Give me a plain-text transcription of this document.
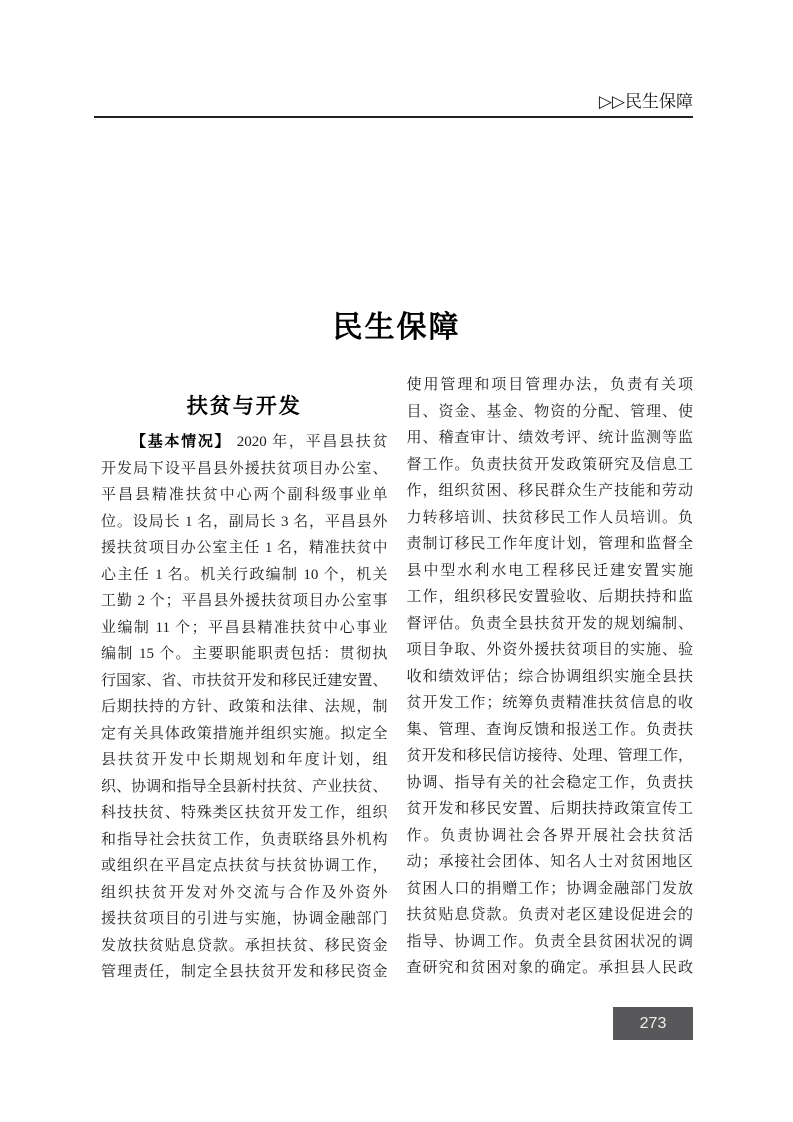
▷▷民生保障
民生保障
扶贫与开发
【基本情况】 2020 年，平昌县扶贫
开发局下设平昌县外援扶贫项目办公室、
平昌县精准扶贫中心两个副科级事业单
位。设局长 1 名，副局长 3 名，平昌县外
援扶贫项目办公室主任 1 名，精准扶贫中
心主任 1 名。机关行政编制 10 个，机关
工勤 2 个；平昌县外援扶贫项目办公室事
业编制 11 个；平昌县精准扶贫中心事业
编制 15 个。主要职能职责包括：贯彻执
行国家、省、市扶贫开发和移民迁建安置、
后期扶持的方针、政策和法律、法规，制
定有关具体政策措施并组织实施。拟定全
县扶贫开发中长期规划和年度计划，组
织、协调和指导全县新村扶贫、产业扶贫、
科技扶贫、特殊类区扶贫开发工作，组织
和指导社会扶贫工作，负责联络县外机构
或组织在平昌定点扶贫与扶贫协调工作，
组织扶贫开发对外交流与合作及外资外
援扶贫项目的引进与实施，协调金融部门
发放扶贫贴息贷款。承担扶贫、移民资金
管理责任，制定全县扶贫开发和移民资金
使用管理和项目管理办法，负责有关项
目、资金、基金、物资的分配、管理、使
用、稽查审计、绩效考评、统计监测等监
督工作。负责扶贫开发政策研究及信息工
作，组织贫困、移民群众生产技能和劳动
力转移培训、扶贫移民工作人员培训。负
责制订移民工作年度计划，管理和监督全
县中型水利水电工程移民迁建安置实施
工作，组织移民安置验收、后期扶持和监
督评估。负责全县扶贫开发的规划编制、
项目争取、外资外援扶贫项目的实施、验
收和绩效评估；综合协调组织实施全县扶
贫开发工作；统筹负责精准扶贫信息的收
集、管理、查询反馈和报送工作。负责扶
贫开发和移民信访接待、处理、管理工作，
协调、指导有关的社会稳定工作，负责扶
贫开发和移民安置、后期扶持政策宣传工
作。负责协调社会各界开展社会扶贫活
动；承接社会团体、知名人士对贫困地区
贫困人口的捐赠工作；协调金融部门发放
扶贫贴息贷款。负责对老区建设促进会的
指导、协调工作。负责全县贫困状况的调
查研究和贫困对象的确定。承担县人民政
273
